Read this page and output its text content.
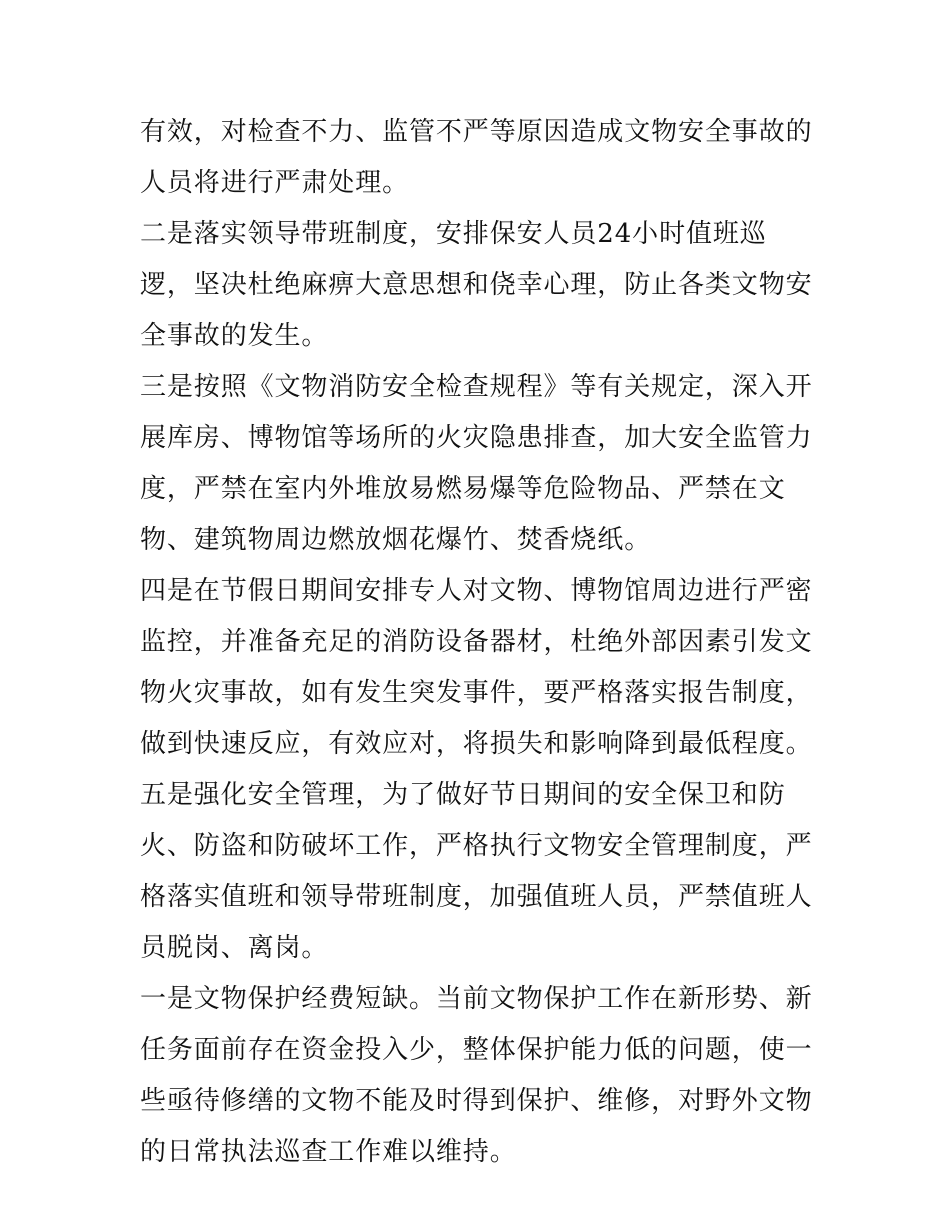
有效，对检查不力、监管不严等原因造成文物安全事故的人员将进行严肃处理。

二是落实领导带班制度，安排保安人员24小时值班巡逻，坚决杜绝麻痹大意思想和侥幸心理，防止各类文物安全事故的发生。

三是按照《文物消防安全检查规程》等有关规定，深入开展库房、博物馆等场所的火灾隐患排查，加大安全监管力度，严禁在室内外堆放易燃易爆等危险物品、严禁在文物、建筑物周边燃放烟花爆竹、焚香烧纸。

四是在节假日期间安排专人对文物、博物馆周边进行严密监控，并准备充足的消防设备器材，杜绝外部因素引发文物火灾事故，如有发生突发事件，要严格落实报告制度，做到快速反应，有效应对，将损失和影响降到最低程度。

五是强化安全管理，为了做好节日期间的安全保卫和防火、防盗和防破坏工作，严格执行文物安全管理制度，严格落实值班和领导带班制度，加强值班人员，严禁值班人员脱岗、离岗。

一是文物保护经费短缺。当前文物保护工作在新形势、新任务面前存在资金投入少，整体保护能力低的问题，使一些亟待修缮的文物不能及时得到保护、维修，对野外文物的日常执法巡查工作难以维持。
